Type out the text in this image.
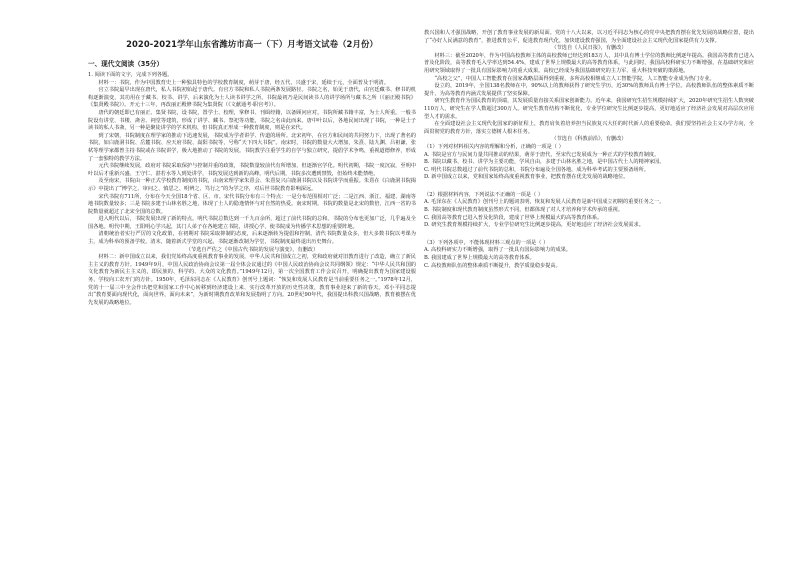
2020-2021学年山东省潍坊市高一（下）月考语文试卷（2月份）
一、现代文阅读（35分）

1. 阅读下面的文字，完成下列各题。

材料一：书院，作为中国教育史上一种独具特色的学校教育制度，萌芽于唐，经五代，兴盛于宋，延续于元，全面普及于明清。

官立书院最早出现在唐代，私人书院初始起于唐代。有官方书院和私人书院两条发展路径。书院之名，始见于唐代，由宫廷藏书、修书的机构逐渐演变，其功用在于藏书、校书、讲学，后来演化为士人读书讲学之所，书院最初乃是民间读书人的讲学场所与藏书之所（《丽正殿书院》《集贤殿书院》）。开元十三年，再改丽正殿修书院为集贤院（《文献通考·职官考》）。

唐代的朝廷即已有丽正、集贤书院，设书院，置学士、校理，掌修书、刊缉经籍，以备顾问应对。书院所藏书籍丰富，为士人所重。一般书院设有讲堂、书楼、斋舍、祠堂等建筑，形成了讲学、藏书、祭祀等功能，书院之名由此而来。唐中叶以后，各地民间出现了书院，一种是士子读书的私人书斋，另一种是聚徒讲学的学术机构，但书院真正形成一种教育制度，则是在宋代。

到了宋朝，书院制度在理学家的推动下迅速发展，书院成为学者讲学、传道的场所。北宋初年，在官方和民间的共同努力下，出现了著名的书院，如白鹿洞书院、岳麓书院、应天府书院、嵩阳书院等，号称“天下四大书院”。南宋时，书院的数量大大增加，朱熹、陆九渊、吕祖谦、张栻等理学家都曾主持书院或在书院讲学，极大地推动了书院的发展。书院教学注重学生的自学与独立研究，提倡学术争鸣，重视道德修养，形成了一套独特的教学方法。

元代书院继续发展，政府对书院采取保护与控制并重的政策，书院数量较前代有所增加，但逐渐官学化。明代初期，书院一度沉寂，至明中叶以后才重新兴盛。王守仁、湛若水等人到处讲学，书院发展达到新的高峰。明代后期，书院多次遭到禁毁，但始终未能禁绝。

及至南宋，书院由一种正式学校教育制度的书院，由南宋理学家朱熹会、朱熹复兴白鹿洞书院以及书院讲学而重振。朱熹在《白鹿洞书院揭示》中提出了“博学之、审问之、慎思之、明辨之、笃行之”的为学之序，对后世书院教育影响深远。

宋代书院有711所，分布在今天全国18个省、区、市。宋代书院分布有三个特点：一是分布范围相对广泛；二是江西、浙江、福建、湖南等地书院数量较多；三是书院多建于山林名胜之地，体现了士人的隐逸情怀与对自然的热爱。南宋时期，书院的数量是北宋的数倍，江西一省的书院数量就超过了北宋全国的总数。

进入明代以后，书院发展出现了新的特点。明代书院总数达到一千九百余所，超过了前代书院的总和。书院的分布也更加广泛，几乎遍及全国各地。明代中期，王阳明心学兴起，其门人弟子在各地建立书院，讲授心学，使书院成为传播学术思想的重要阵地。

清朝统治者实行严厉的文化政策，在初期对书院采取抑制的态度，后来逐渐转为提倡和控制。清代书院数量众多，但大多数书院以考课为主，成为科举的预备学校。清末，随着新式学堂的兴起，书院逐渐改制为学堂，书院制度最终退出历史舞台。

（节选自严佐之《中国古代书院的发展与演变》，有删改）

材料二：新中国成立以来，我们党始终高度重视教育事业的发展，中华人民共和国成立之初，党和政府就对旧教育进行了改造，确立了新民主主义的教育方针。1949年9月，中国人民政治协商会议第一届全体会议通过的《中国人民政治协商会议共同纲领》规定：“中华人民共和国的文化教育为新民主主义的，即民族的、科学的、大众的文化教育。”1949年12月，第一次全国教育工作会议召开，明确提出教育为国家建设服务、学校向工农开门的方针。1950年，毛泽东同志在《人民教育》创刊号上题词：“恢复和发展人民教育是当前重要任务之一。”1978年12月，党的十一届三中全会作出把党和国家工作中心转移到经济建设上来、实行改革开放的历史性决策，教育事业迎来了新的春天。邓小平同志提出“教育要面向现代化，面向世界，面向未来”，为新时期教育改革和发展指明了方向。20世纪90年代，我国提出科教兴国战略，教育被摆在优先发展的战略地位。

教兴国和人才强国战略，开创了教育事业发展的新局面。党的十八大以来，以习近平同志为核心的党中央把教育摆在优先发展的战略位置，提出了“办好人民满意的教育”，推进教育公平，促进教育现代化，加快建设教育强国，为全面建设社会主义现代化国家提供有力支撑。

（节选自《人民日报》，有删改）

材料三：截至2020年，作为中国高校教师主体的高校教师已经达到183万人，其中具有博士学位的教师比例逐年提高。我国高等教育已进入普及化阶段，高等教育毛入学率达到54.4%，建成了世界上规模最大的高等教育体系。与此同时，我国高校科研实力不断增强，在基础研究和应用研究领域取得了一批具有国际影响力的重大成果。高校已经成为我国基础研究的主力军、重大科技突破的策源地。

“高校之父”，中国人工智能教育在国家战略层面得到重视，多所高校相继成立人工智能学院，人工智能专业成为热门专业。

设立的，2019年，全国138名教师在中，90%以上的教师获得了研究生学历，近30%的教师具有博士学位。高校教师队伍的整体素质不断提升，为高等教育内涵式发展提供了坚实保障。

研究生教育作为国民教育的顶端，其发展质量直接关系国家创新能力。近年来，我国研究生招生规模持续扩大，2020年研究生招生人数突破110万人，研究生在学人数超过300万人。研究生教育结构不断优化，专业学位研究生比例逐步提高，更好地适应了经济社会发展对高层次应用型人才的需求。

在全面建设社会主义现代化国家的新征程上，教育肩负着培养担当民族复兴大任的时代新人的重要使命。我们要坚持社会主义办学方向，全面贯彻党的教育方针，落实立德树人根本任务。

（节选自《科教前沿》，有删改）

（1）下列对材料相关内容的理解和分析，正确的一项是（ ）

A. 书院是官方与民间力量共同推动的结果，萌芽于唐代，至宋代已发展成为一种正式的学校教育制度。

B. 书院以藏书、校书、讲学为主要功能，学风自由，多建于山林名胜之地，是中国古代士人的精神家园。

C. 明代书院总数超过了前代书院的总和，书院分布遍及全国各地，成为科举考试的主要预备场所。

D. 新中国成立以来，党和国家始终高度重视教育事业，把教育摆在优先发展的战略地位。

（2）根据材料内容，下列说法不正确的一项是（ ）

A. 毛泽东在《人民教育》创刊号上的题词表明，恢复和发展人民教育是新中国成立初期的重要任务之一。

B. 书院制度和现代教育制度虽然形式不同，但都体现了对人才培养和学术传承的重视。

C. 我国高等教育已进入普及化阶段，建成了世界上规模最大的高等教育体系。

D. 研究生教育规模持续扩大，专业学位研究生比例逐步提高，更好地适应了经济社会发展需求。

（3）下列各项中，不能体现材料三观点的一项是（ ）

A. 高校科研实力不断增强，取得了一批具有国际影响力的成果。

B. 我国建成了世界上规模最大的高等教育体系。

C. 高校教师队伍的整体素质不断提升，教学质量稳步提高。
